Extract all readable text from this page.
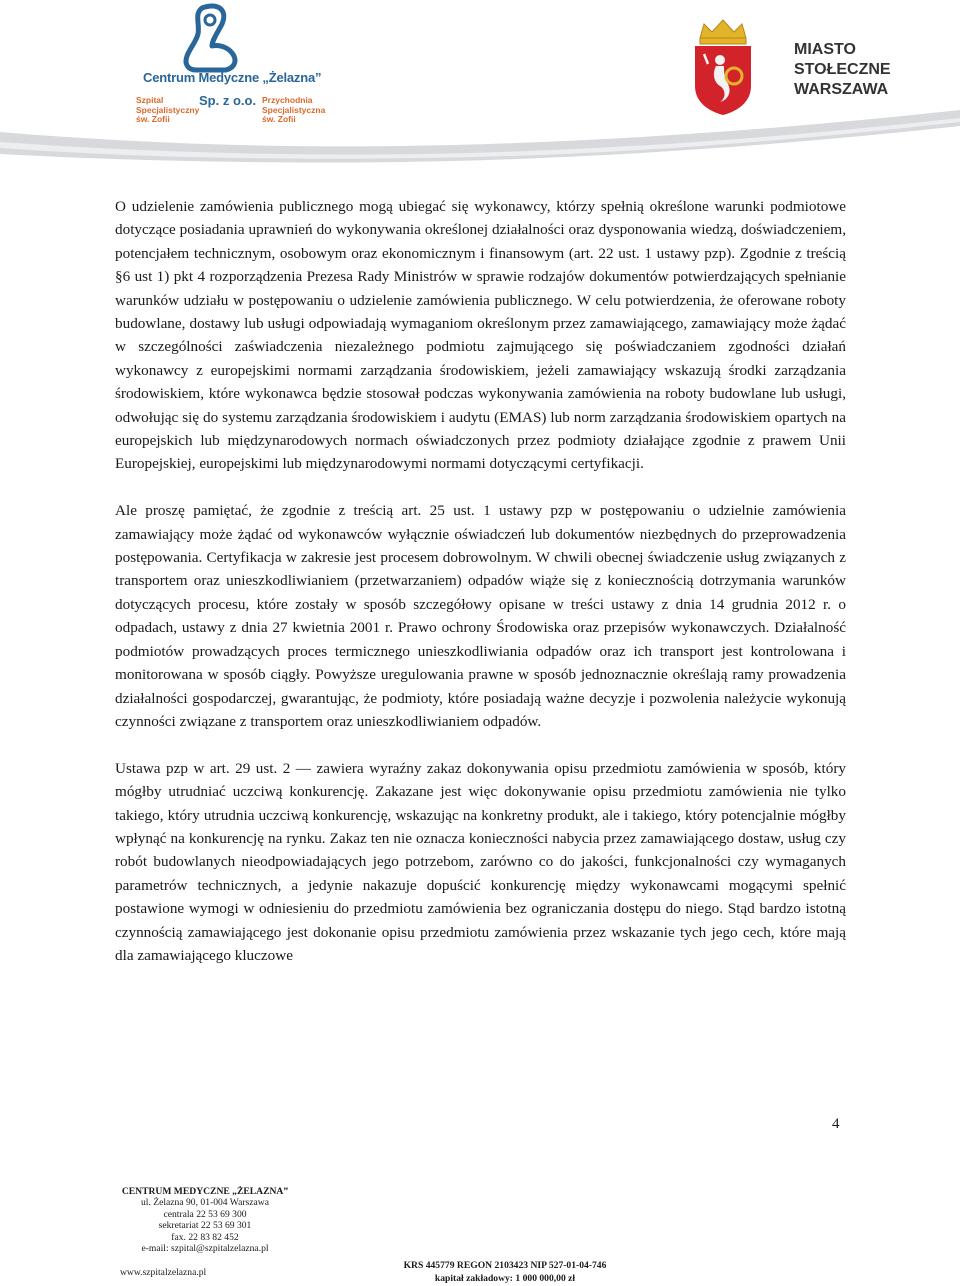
Centrum Medyczne „Żelazna”
Sp. z o.o.
Szpital
Specjalistyczny
św. Zofii
Przychodnia
Specjalistyczna
św. Zofii
MIASTO
STOŁECZNE
WARSZAWA

O udzielenie zamówienia publicznego mogą ubiegać się wykonawcy, którzy spełnią określone warunki podmiotowe dotyczące posiadania uprawnień do wykonywania określonej działalności oraz dysponowania wiedzą, doświadczeniem, potencjałem technicznym, osobowym oraz ekonomicznym i finansowym (art. 22 ust. 1 ustawy pzp). Zgodnie z treścią §6 ust 1) pkt 4 rozporządzenia Prezesa Rady Ministrów w sprawie rodzajów dokumentów potwierdzających spełnianie warunków udziału w postępowaniu o udzielenie zamówienia publicznego. W celu potwierdzenia, że oferowane roboty budowlane, dostawy lub usługi odpowiadają wymaganiom określonym przez zamawiającego, zamawiający może żądać w szczególności zaświadczenia niezależnego podmiotu zajmującego się poświadczaniem zgodności działań wykonawcy z europejskimi normami zarządzania środowiskiem, jeżeli zamawiający wskazują środki zarządzania środowiskiem, które wykonawca będzie stosował podczas wykonywania zamówienia na roboty budowlane lub usługi, odwołując się do systemu zarządzania środowiskiem i audytu (EMAS) lub norm zarządzania środowiskiem opartych na europejskich lub międzynarodowych normach oświadczonych przez podmioty działające zgodnie z prawem Unii Europejskiej, europejskimi lub międzynarodowymi normami dotyczącymi certyfikacji.

Ale proszę pamiętać, że zgodnie z treścią art. 25 ust. 1 ustawy pzp w postępowaniu o udzielnie zamówienia zamawiający może żądać od wykonawców wyłącznie oświadczeń lub dokumentów niezbędnych do przeprowadzenia postępowania. Certyfikacja w zakresie jest procesem dobrowolnym. W chwili obecnej świadczenie usług związanych z transportem oraz unieszkodliwianiem (przetwarzaniem) odpadów wiąże się z koniecznością dotrzymania warunków dotyczących procesu, które zostały w sposób szczegółowy opisane w treści ustawy z dnia 14 grudnia 2012 r. o odpadach, ustawy z dnia 27 kwietnia 2001 r. Prawo ochrony Środowiska oraz przepisów wykonawczych. Działalność podmiotów prowadzących proces termicznego unieszkodliwiania odpadów oraz ich transport jest kontrolowana i monitorowana w sposób ciągły. Powyższe uregulowania prawne w sposób jednoznacznie określają ramy prowadzenia działalności gospodarczej, gwarantując, że podmioty, które posiadają ważne decyzje i pozwolenia należycie wykonują czynności związane z transportem oraz unieszkodliwianiem odpadów.

Ustawa pzp w art. 29 ust. 2 — zawiera wyraźny zakaz dokonywania opisu przedmiotu zamówienia w sposób, który mógłby utrudniać uczciwą konkurencję. Zakazane jest więc dokonywanie opisu przedmiotu zamówienia nie tylko takiego, który utrudnia uczciwą konkurencję, wskazując na konkretny produkt, ale i takiego, który potencjalnie mógłby wpłynąć na konkurencję na rynku. Zakaz ten nie oznacza konieczności nabycia przez zamawiającego dostaw, usług czy robót budowlanych nieodpowiadających jego potrzebom, zarówno co do jakości, funkcjonalności czy wymaganych parametrów technicznych, a jedynie nakazuje dopuścić konkurencję między wykonawcami mogącymi spełnić postawione wymogi w odniesieniu do przedmiotu zamówienia bez ograniczania dostępu do niego. Stąd bardzo istotną czynnością zamawiającego jest dokonanie opisu przedmiotu zamówienia przez wskazanie tych jego cech, które mają dla zamawiającego kluczowe

4
CENTRUM MEDYCZNE „ŻELAZNA”
ul. Żelazna 90, 01-004 Warszawa
centrala 22 53 69 300
sekretariat 22 53 69 301
fax. 22 83 82 452
e-mail: szpital@szpitalzelazna.pl
www.szpitalzelazna.pl
KRS 445779 REGON 2103423 NIP 527-01-04-746
kapitał zakładowy: 1 000 000,00 zł
